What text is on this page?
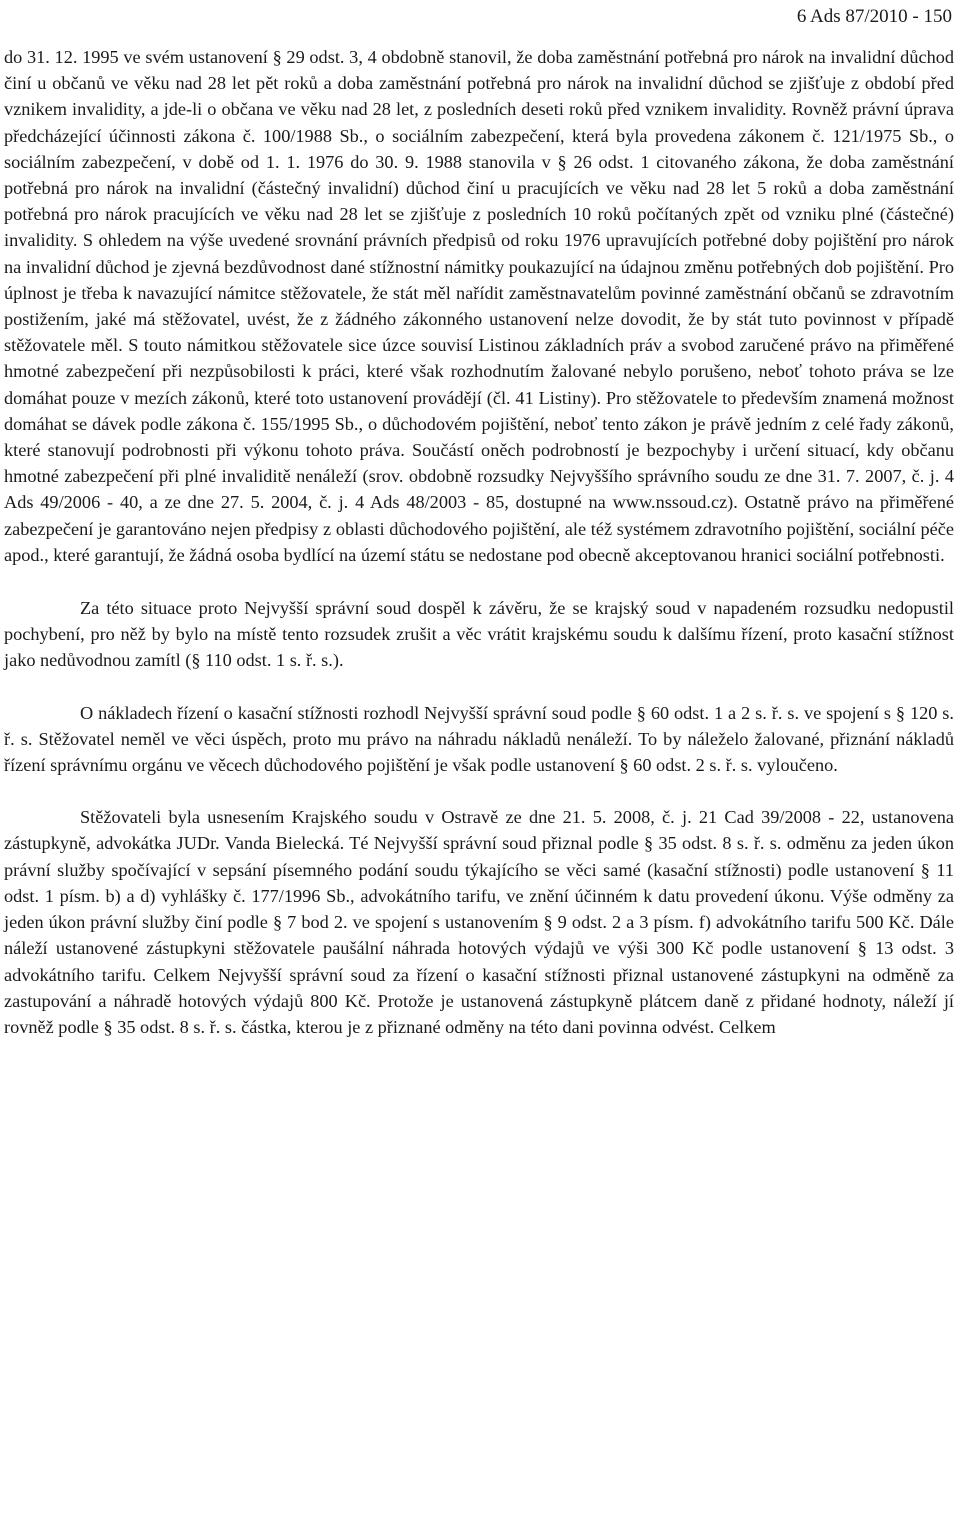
6 Ads 87/2010 - 150

do 31. 12. 1995 ve svém ustanovení § 29 odst. 3, 4 obdobně stanovil, že doba zaměstnání potřebná pro nárok na invalidní důchod činí u občanů ve věku nad 28 let pět roků a doba zaměstnání potřebná pro nárok na invalidní důchod se zjišťuje z období před vznikem invalidity, a jde-li o občana ve věku nad 28 let, z posledních deseti roků před vznikem invalidity. Rovněž právní úprava předcházející účinnosti zákona č. 100/1988 Sb., o sociálním zabezpečení, která byla provedena zákonem č. 121/1975 Sb., o sociálním zabezpečení, v době od 1. 1. 1976 do 30. 9. 1988 stanovila v § 26 odst. 1 citovaného zákona, že doba zaměstnání potřebná pro nárok na invalidní (částečný invalidní) důchod činí u pracujících ve věku nad 28 let 5 roků a doba zaměstnání potřebná pro nárok pracujících ve věku nad 28 let se zjišťuje z posledních 10 roků počítaných zpět od vzniku plné (částečné) invalidity. S ohledem na výše uvedené srovnání právních předpisů od roku 1976 upravujících potřebné doby pojištění pro nárok na invalidní důchod je zjevná bezdůvodnost dané stížnostní námitky poukazující na údajnou změnu potřebných dob pojištění. Pro úplnost je třeba k navazující námitce stěžovatele, že stát měl nařídit zaměstnavatelům povinné zaměstnání občanů se zdravotním postižením, jaké má stěžovatel, uvést, že z žádného zákonného ustanovení nelze dovodit, že by stát tuto povinnost v případě stěžovatele měl. S touto námitkou stěžovatele sice úzce souvisí Listinou základních práv a svobod zaručené právo na přiměřené hmotné zabezpečení při nezpůsobilosti k práci, které však rozhodnutím žalované nebylo porušeno, neboť tohoto práva se lze domáhat pouze v mezích zákonů, které toto ustanovení provádějí (čl. 41 Listiny). Pro stěžovatele to především znamená možnost domáhat se dávek podle zákona č. 155/1995 Sb., o důchodovém pojištění, neboť tento zákon je právě jedním z celé řady zákonů, které stanovují podrobnosti při výkonu tohoto práva. Součástí oněch podrobností je bezpochyby i určení situací, kdy občanu hmotné zabezpečení při plné invaliditě nenáleží (srov. obdobně rozsudky Nejvyššího správního soudu ze dne 31. 7. 2007, č. j. 4 Ads 49/2006 - 40, a ze dne 27. 5. 2004, č. j. 4 Ads 48/2003 - 85, dostupné na www.nssoud.cz). Ostatně právo na přiměřené zabezpečení je garantováno nejen předpisy z oblasti důchodového pojištění, ale též systémem zdravotního pojištění, sociální péče apod., které garantují, že žádná osoba bydlící na území státu se nedostane pod obecně akceptovanou hranici sociální potřebnosti.

Za této situace proto Nejvyšší správní soud dospěl k závěru, že se krajský soud v napadeném rozsudku nedopustil pochybení, pro něž by bylo na místě tento rozsudek zrušit a věc vrátit krajskému soudu k dalšímu řízení, proto kasační stížnost jako nedůvodnou zamítl (§ 110 odst. 1 s. ř. s.).

O nákladech řízení o kasační stížnosti rozhodl Nejvyšší správní soud podle § 60 odst. 1 a 2 s. ř. s. ve spojení s § 120 s. ř. s. Stěžovatel neměl ve věci úspěch, proto mu právo na náhradu nákladů nenáleží. To by náleželo žalované, přiznání nákladů řízení správnímu orgánu ve věcech důchodového pojištění je však podle ustanovení § 60 odst. 2 s. ř. s. vyloučeno.

Stěžovateli byla usnesením Krajského soudu v Ostravě ze dne 21. 5. 2008, č. j. 21 Cad 39/2008 - 22, ustanovena zástupkyně, advokátka JUDr. Vanda Bielecká. Té Nejvyšší správní soud přiznal podle § 35 odst. 8 s. ř. s. odměnu za jeden úkon právní služby spočívající v sepsání písemného podání soudu týkajícího se věci samé (kasační stížnosti) podle ustanovení § 11 odst. 1 písm. b) a d) vyhlášky č. 177/1996 Sb., advokátního tarifu, ve znění účinném k datu provedení úkonu. Výše odměny za jeden úkon právní služby činí podle § 7 bod 2. ve spojení s ustanovením § 9 odst. 2 a 3 písm. f) advokátního tarifu 500 Kč. Dále náleží ustanovené zástupkyni stěžovatele paušální náhrada hotových výdajů ve výši 300 Kč podle ustanovení § 13 odst. 3 advokátního tarifu. Celkem Nejvyšší správní soud za řízení o kasační stížnosti přiznal ustanovené zástupkyni na odměně za zastupování a náhradě hotových výdajů 800 Kč. Protože je ustanovená zástupkyně plátcem daně z přidané hodnoty, náleží jí rovněž podle § 35 odst. 8 s. ř. s. částka, kterou je z přiznané odměny na této dani povinna odvést. Celkem
